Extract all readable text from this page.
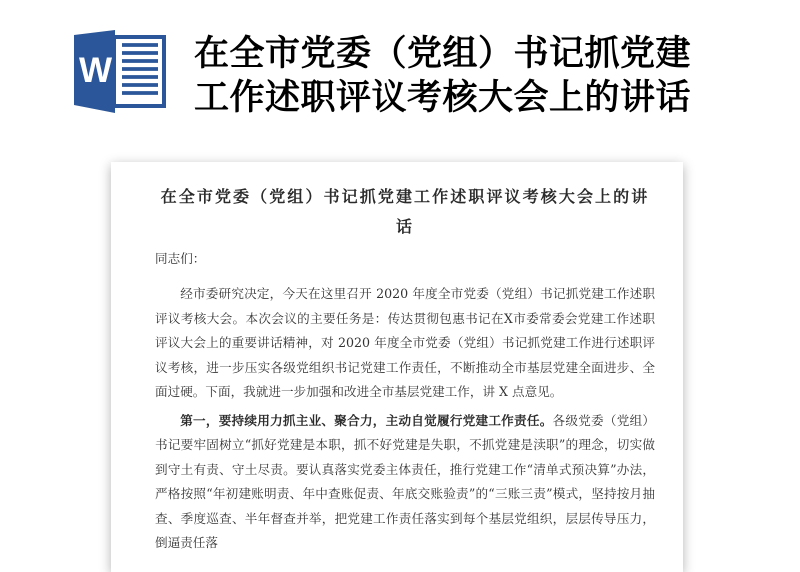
W 在全市党委（党组）书记抓党建
工作述职评议考核大会上的讲话
在全市党委（党组）书记抓党建工作述职评议考核大会上的讲
话

同志们：

经市委研究决定，今天在这里召开 2020 年度全市党委（党组）书记抓党建工作述职评议考核大会。本次会议的主要任务是：传达贯彻包惠书记在X市委常委会党建工作述职评议大会上的重要讲话精神，对 2020 年度全市党委（党组）书记抓党建工作进行述职评议考核，进一步压实各级党组织书记党建工作责任，不断推动全市基层党建全面进步、全面过硬。下面，我就进一步加强和改进全市基层党建工作，讲 X 点意见。

第一，要持续用力抓主业、聚合力，主动自觉履行党建工作责任。各级党委（党组）书记要牢固树立“抓好党建是本职，抓不好党建是失职，不抓党建是渎职”的理念，切实做到守土有责、守土尽责。要认真落实党委主体责任，推行党建工作“清单式预决算”办法，严格按照“年初建账明责、年中查账促责、年底交账验责”的“三账三责”模式，坚持按月抽查、季度巡查、半年督查并举，把党建工作责任落实到每个基层党组织，层层传导压力，倒逼责任落
